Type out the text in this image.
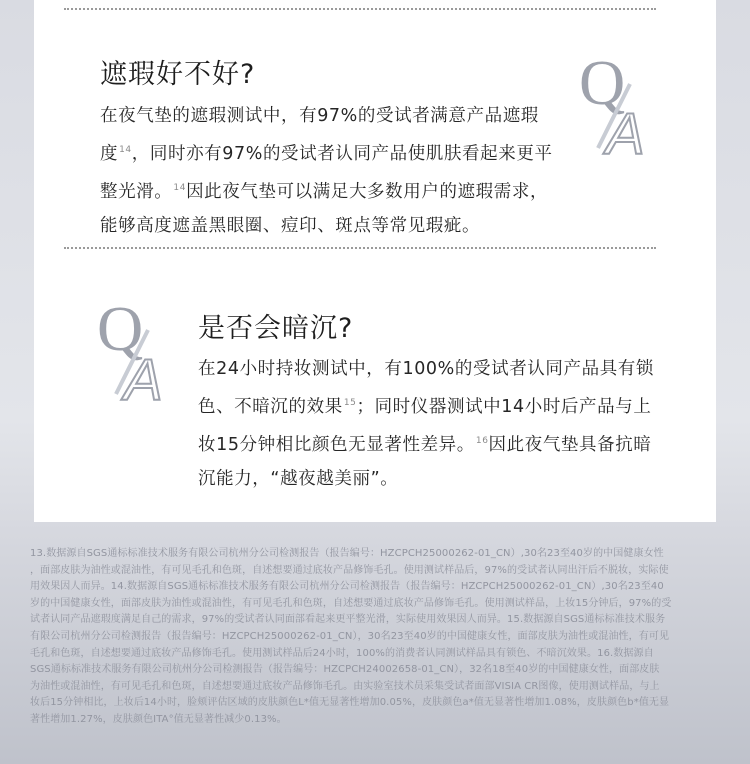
遮瑕好不好?	Q
A

在夜气垫的遮瑕测试中，有97%的受试者满意产品遮瑕

度$^{14}$，同时亦有97%的受试者认同产品使肌肤看起来更平

整光滑。$^{14}$因此夜气垫可以满足大多数用户的遮瑕需求，

能够高度遮盖黑眼圈、痘印、斑点等常见瑕疵。

Q
A
是否会暗沉?

在24小时持妆测试中，有100%的受试者认同产品具有锁

色、不暗沉的效果$^{15}$；同时仪器测试中14小时后产品与上

妆15分钟相比颜色无显著性差异。$^{16}$因此夜气垫具备抗暗

沉能力，“越夜越美丽”。

13.数据源自SGS通标标准技术服务有限公司杭州分公司检测报告（报告编号：HZCPCH25000262-01_CN）,30名23至40岁的中国健康女性

，面部皮肤为油性或混油性，有可见毛孔和色斑，自述想要通过底妆产品修饰毛孔。使用测试样品后，97%的受试者认同出汗后不脱妆，实际使

用效果因人而异。14.数据源自SGS通标标准技术服务有限公司杭州分公司检测报告（报告编号：HZCPCH25000262-01_CN）,30名23至40

岁的中国健康女性，面部皮肤为油性或混油性，有可见毛孔和色斑，自述想要通过底妆产品修饰毛孔。使用测试样品，上妆15分钟后，97%的受

试者认同产品遮瑕度满足自己的需求，97%的受试者认同面部看起来更平整光滑，实际使用效果因人而异。15.数据源自SGS通标标准技术服务

有限公司杭州分公司检测报告（报告编号：HZCPCH25000262-01_CN），30名23至40岁的中国健康女性，面部皮肤为油性或混油性，有可见

毛孔和色斑，自述想要通过底妆产品修饰毛孔。使用测试样品后24小时，100%的消费者认同测试样品具有锁色、不暗沉效果。16.数据源自

SGS通标标准技术服务有限公司杭州分公司检测报告（报告编号：HZCPCH24002658-01_CN），32名18至40岁的中国健康女性，面部皮肤

为油性或混油性，有可见毛孔和色斑，自述想要通过底妆产品修饰毛孔。由实验室技术员采集受试者面部VISIA CR图像，使用测试样品，与上

妆后15分钟相比，上妆后14小时，脸颊评估区域的皮肤颜色L*值无显著性增加0.05%，皮肤颜色a*值无显著性增加1.08%，皮肤颜色b*值无显

著性增加1.27%，皮肤颜色ITA°值无显著性减少0.13%。
